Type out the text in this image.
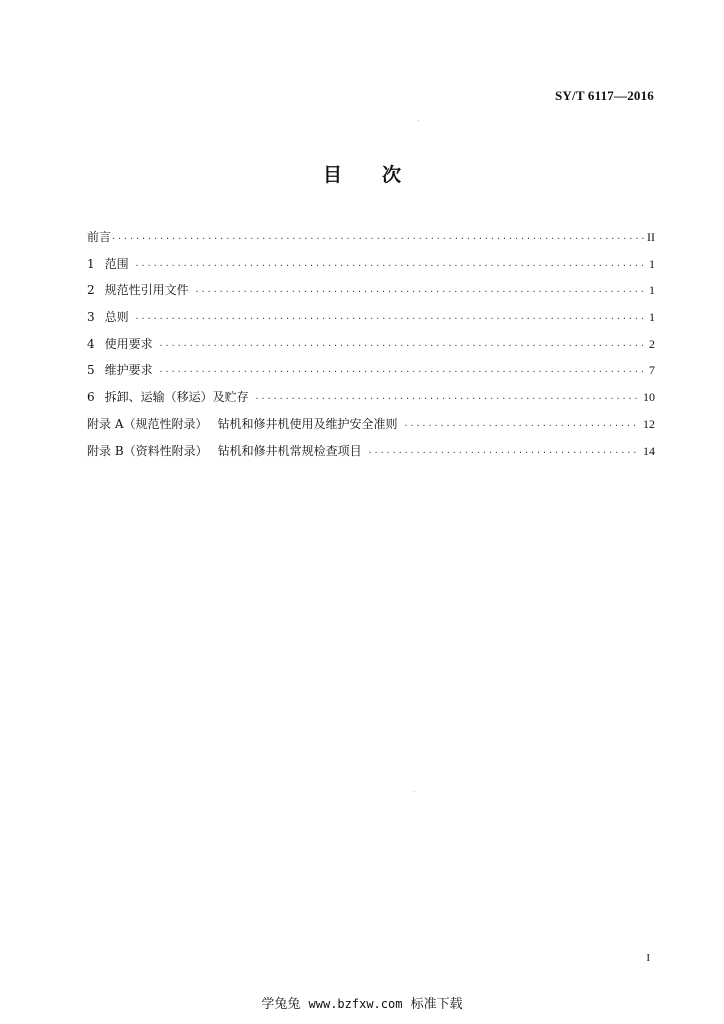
SY/T 6117—2016
目 次
前言 ·····	II
1 范围 ·····	1
2 规范性引用文件 ·····	1
3 总则 ·····	1
4 使用要求 ·····	2
5 维护要求 ·····	7
6 拆卸、运输（移运）及贮存 ·····	10
附录 A（规范性附录） 钻机和修井机使用及维护安全准则 ·····	12
附录 B（资料性附录） 钻机和修井机常规检查项目 ·····	14
I
学兔兔 www.bzfxw.com 标准下载
